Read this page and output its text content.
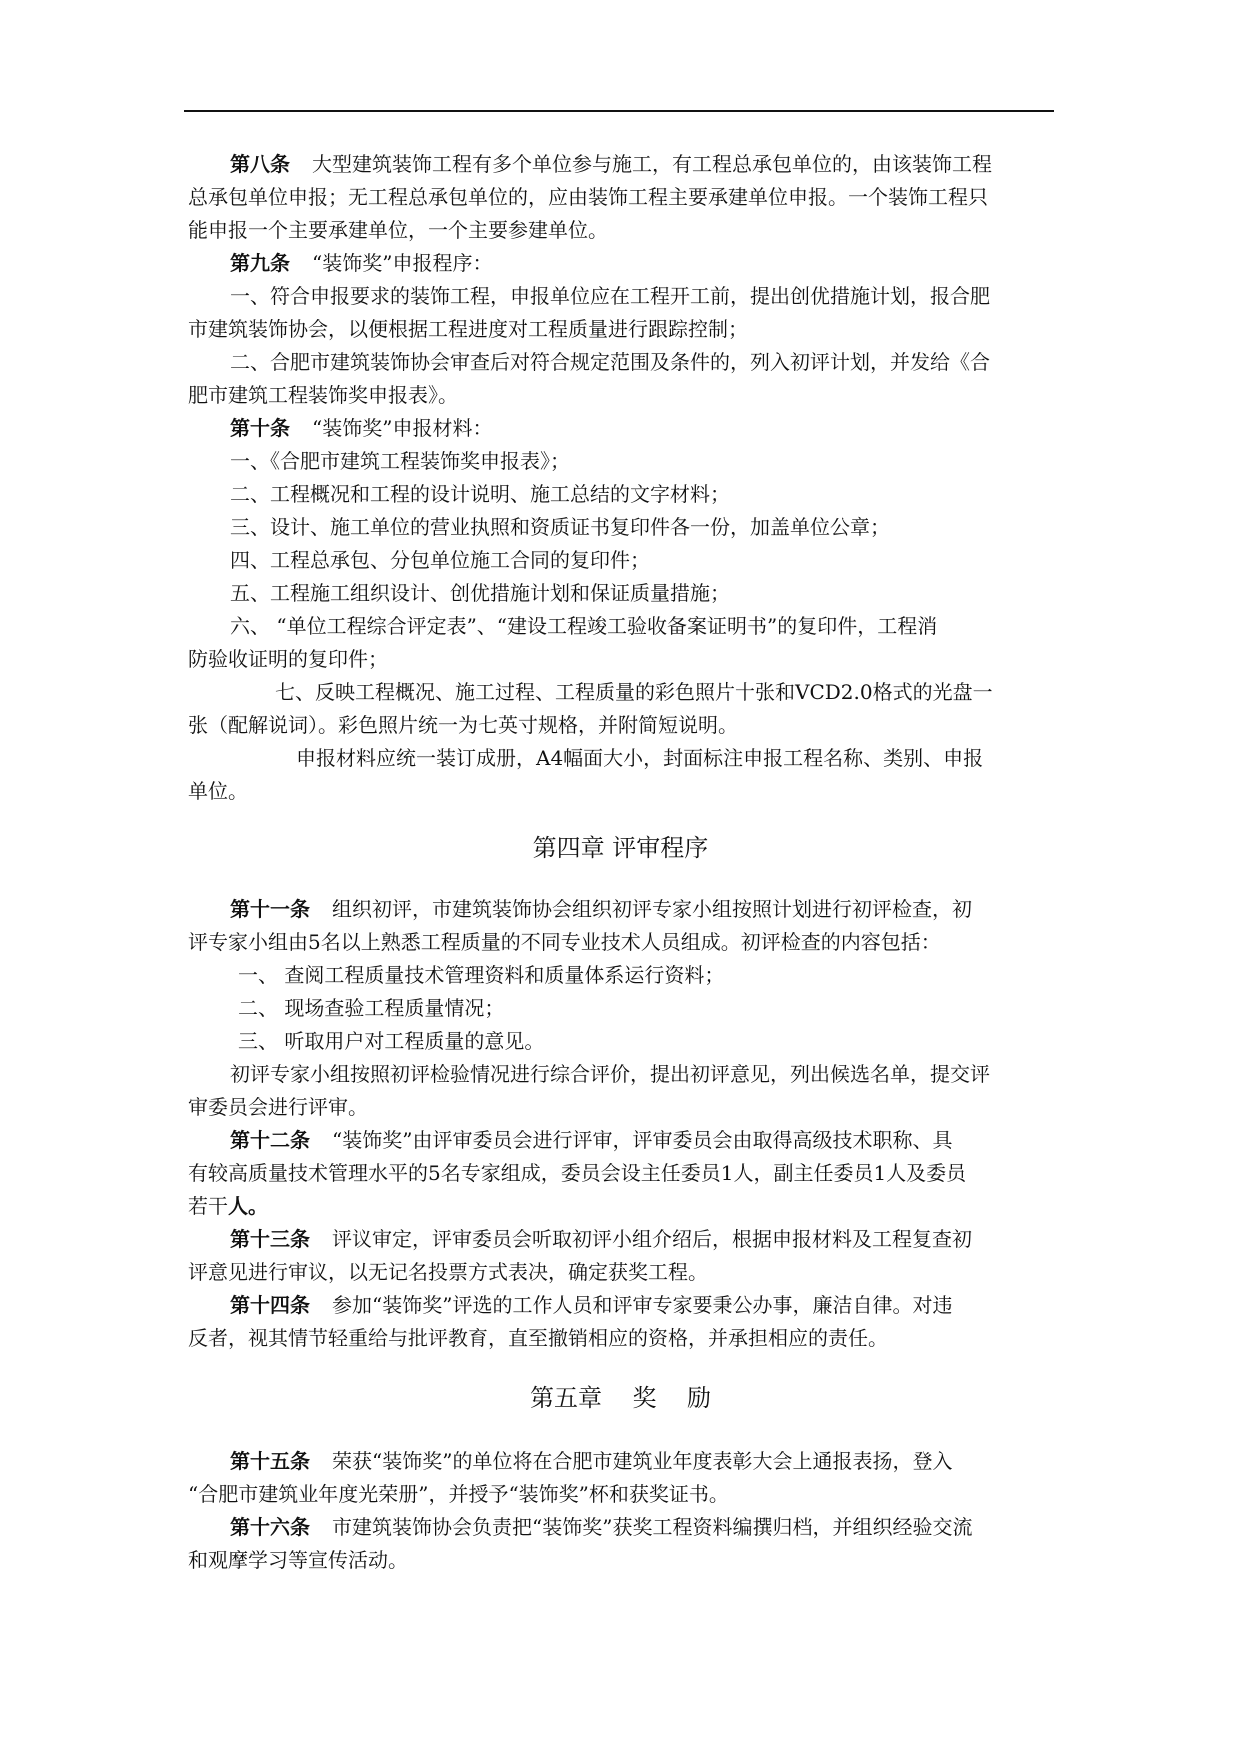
第八条 大型建筑装饰工程有多个单位参与施工，有工程总承包单位的，由该装饰工程
总承包单位申报；无工程总承包单位的，应由装饰工程主要承建单位申报。一个装饰工程只
能申报一个主要承建单位，一个主要参建单位。
第九条 “装饰奖”申报程序：
一、符合申报要求的装饰工程，申报单位应在工程开工前，提出创优措施计划，报合肥
市建筑装饰协会，以便根据工程进度对工程质量进行跟踪控制；
二、合肥市建筑装饰协会审查后对符合规定范围及条件的，列入初评计划，并发给《合
肥市建筑工程装饰奖申报表》。
第十条 “装饰奖”申报材料：
一、《合肥市建筑工程装饰奖申报表》；
二、工程概况和工程的设计说明、施工总结的文字材料；
三、设计、施工单位的营业执照和资质证书复印件各一份，加盖单位公章；
四、工程总承包、分包单位施工合同的复印件；
五、工程施工组织设计、创优措施计划和保证质量措施；
六、 “单位工程综合评定表”、“建设工程竣工验收备案证明书”的复印件，工程消
防验收证明的复印件；
七、反映工程概况、施工过程、工程质量的彩色照片十张和VCD2.0格式的光盘一
张（配解说词）。彩色照片统一为七英寸规格，并附简短说明。
申报材料应统一装订成册，A4幅面大小，封面标注申报工程名称、类别、申报
单位。
第四章 评审程序
第十一条 组织初评，市建筑装饰协会组织初评专家小组按照计划进行初评检查，初
评专家小组由5名以上熟悉工程质量的不同专业技术人员组成。初评检查的内容包括：
一、 查阅工程质量技术管理资料和质量体系运行资料；
二、 现场查验工程质量情况；
三、 听取用户对工程质量的意见。
初评专家小组按照初评检验情况进行综合评价，提出初评意见，列出候选名单，提交评
审委员会进行评审。
第十二条 “装饰奖”由评审委员会进行评审，评审委员会由取得高级技术职称、具
有较高质量技术管理水平的5名专家组成，委员会设主任委员1人，副主任委员1人及委员
若干人。
第十三条 评议审定，评审委员会听取初评小组介绍后，根据申报材料及工程复查初
评意见进行审议，以无记名投票方式表决，确定获奖工程。
第十四条 参加“装饰奖”评选的工作人员和评审专家要秉公办事，廉洁自律。对违
反者，视其情节轻重给与批评教育，直至撤销相应的资格，并承担相应的责任。
第五章    奖    励
第十五条 荣获“装饰奖”的单位将在合肥市建筑业年度表彰大会上通报表扬，登入
“合肥市建筑业年度光荣册”，并授予“装饰奖”杯和获奖证书。
第十六条 市建筑装饰协会负责把“装饰奖”获奖工程资料编撰归档，并组织经验交流
和观摩学习等宣传活动。
